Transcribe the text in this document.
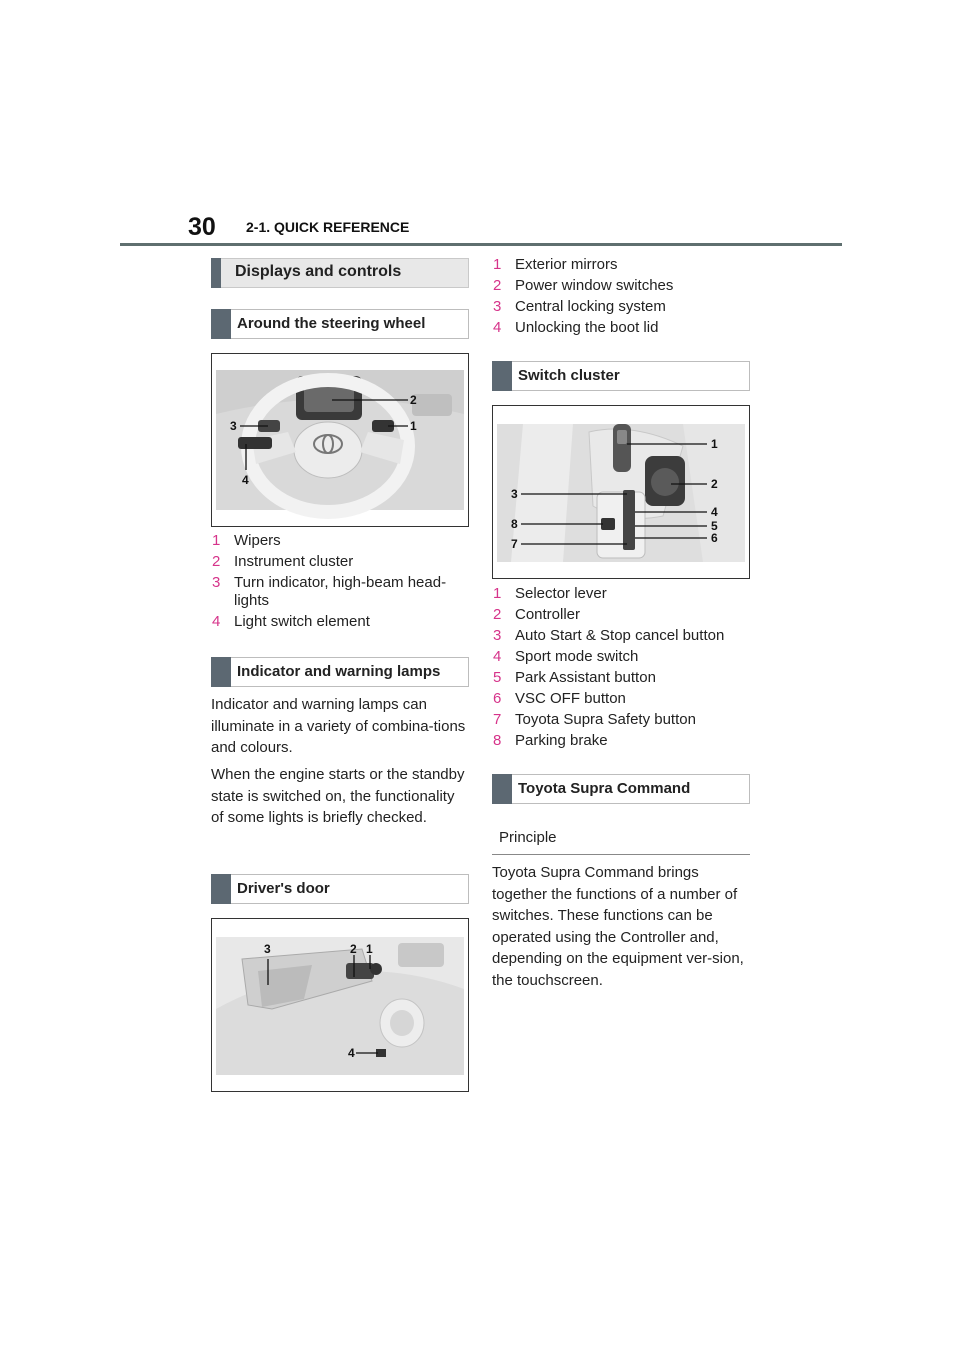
30 2-1. QUICK REFERENCE
Displays and controls
Around the steering wheel
2
1
3
4
1 Wipers
2 Instrument cluster
3 Turn indicator, high-beam head-lights
4 Light switch element
Indicator and warning lamps

Indicator and warning lamps can illuminate in a variety of combina-tions and colours.

When the engine starts or the standby state is switched on, the functionality of some lights is briefly checked.

Driver's door
3	2 1
4
1 Exterior mirrors
2 Power window switches
3 Central locking system
4 Unlocking the boot lid
Switch cluster
1
2
3
4
5
6
7
8
1 Selector lever
2 Controller
3 Auto Start & Stop cancel button
4 Sport mode switch
5 Park Assistant button
6 VSC OFF button
7 Toyota Supra Safety button
8 Parking brake
Toyota Supra Command
Principle

Toyota Supra Command brings together the functions of a number of switches. These functions can be operated using the Controller and, depending on the equipment ver-sion, the touchscreen.
